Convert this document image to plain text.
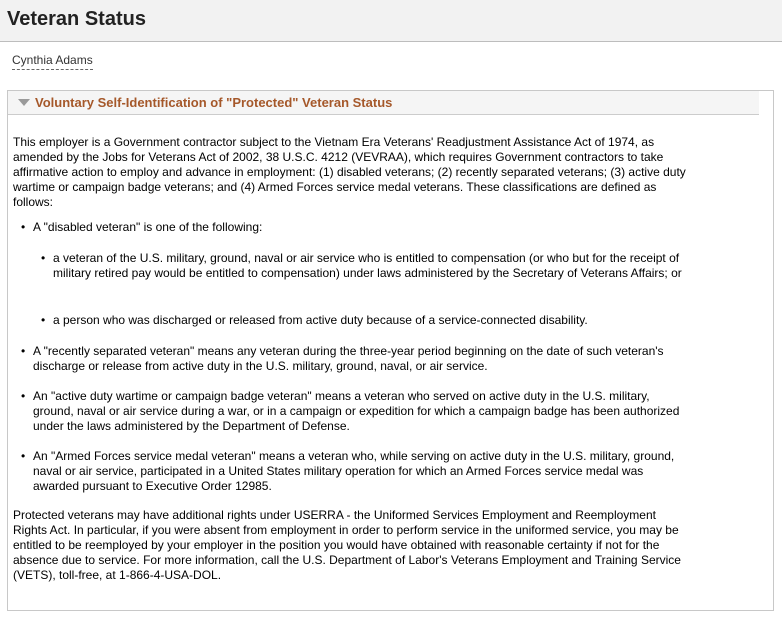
Veteran Status
Cynthia Adams
Voluntary Self-Identification of "Protected" Veteran Status

This employer is a Government contractor subject to the Vietnam Era Veterans' Readjustment Assistance Act of 1974, as amended by the Jobs for Veterans Act of 2002, 38 U.S.C. 4212 (VEVRAA), which requires Government contractors to take affirmative action to employ and advance in employment: (1) disabled veterans; (2) recently separated veterans; (3) active duty wartime or campaign badge veterans; and (4) Armed Forces service medal veterans. These classifications are defined as follows:

• A "disabled veteran" is one of the following:

• a veteran of the U.S. military, ground, naval or air service who is entitled to compensation (or who but for the receipt of military retired pay would be entitled to compensation) under laws administered by the Secretary of Veterans Affairs; or

• a person who was discharged or released from active duty because of a service-connected disability.

• A "recently separated veteran" means any veteran during the three-year period beginning on the date of such veteran's discharge or release from active duty in the U.S. military, ground, naval, or air service.

• An "active duty wartime or campaign badge veteran" means a veteran who served on active duty in the U.S. military, ground, naval or air service during a war, or in a campaign or expedition for which a campaign badge has been authorized under the laws administered by the Department of Defense.

• An "Armed Forces service medal veteran" means a veteran who, while serving on active duty in the U.S. military, ground, naval or air service, participated in a United States military operation for which an Armed Forces service medal was awarded pursuant to Executive Order 12985.

Protected veterans may have additional rights under USERRA - the Uniformed Services Employment and Reemployment Rights Act. In particular, if you were absent from employment in order to perform service in the uniformed service, you may be entitled to be reemployed by your employer in the position you would have obtained with reasonable certainty if not for the absence due to service. For more information, call the U.S. Department of Labor's Veterans Employment and Training Service (VETS), toll-free, at 1-866-4-USA-DOL.
